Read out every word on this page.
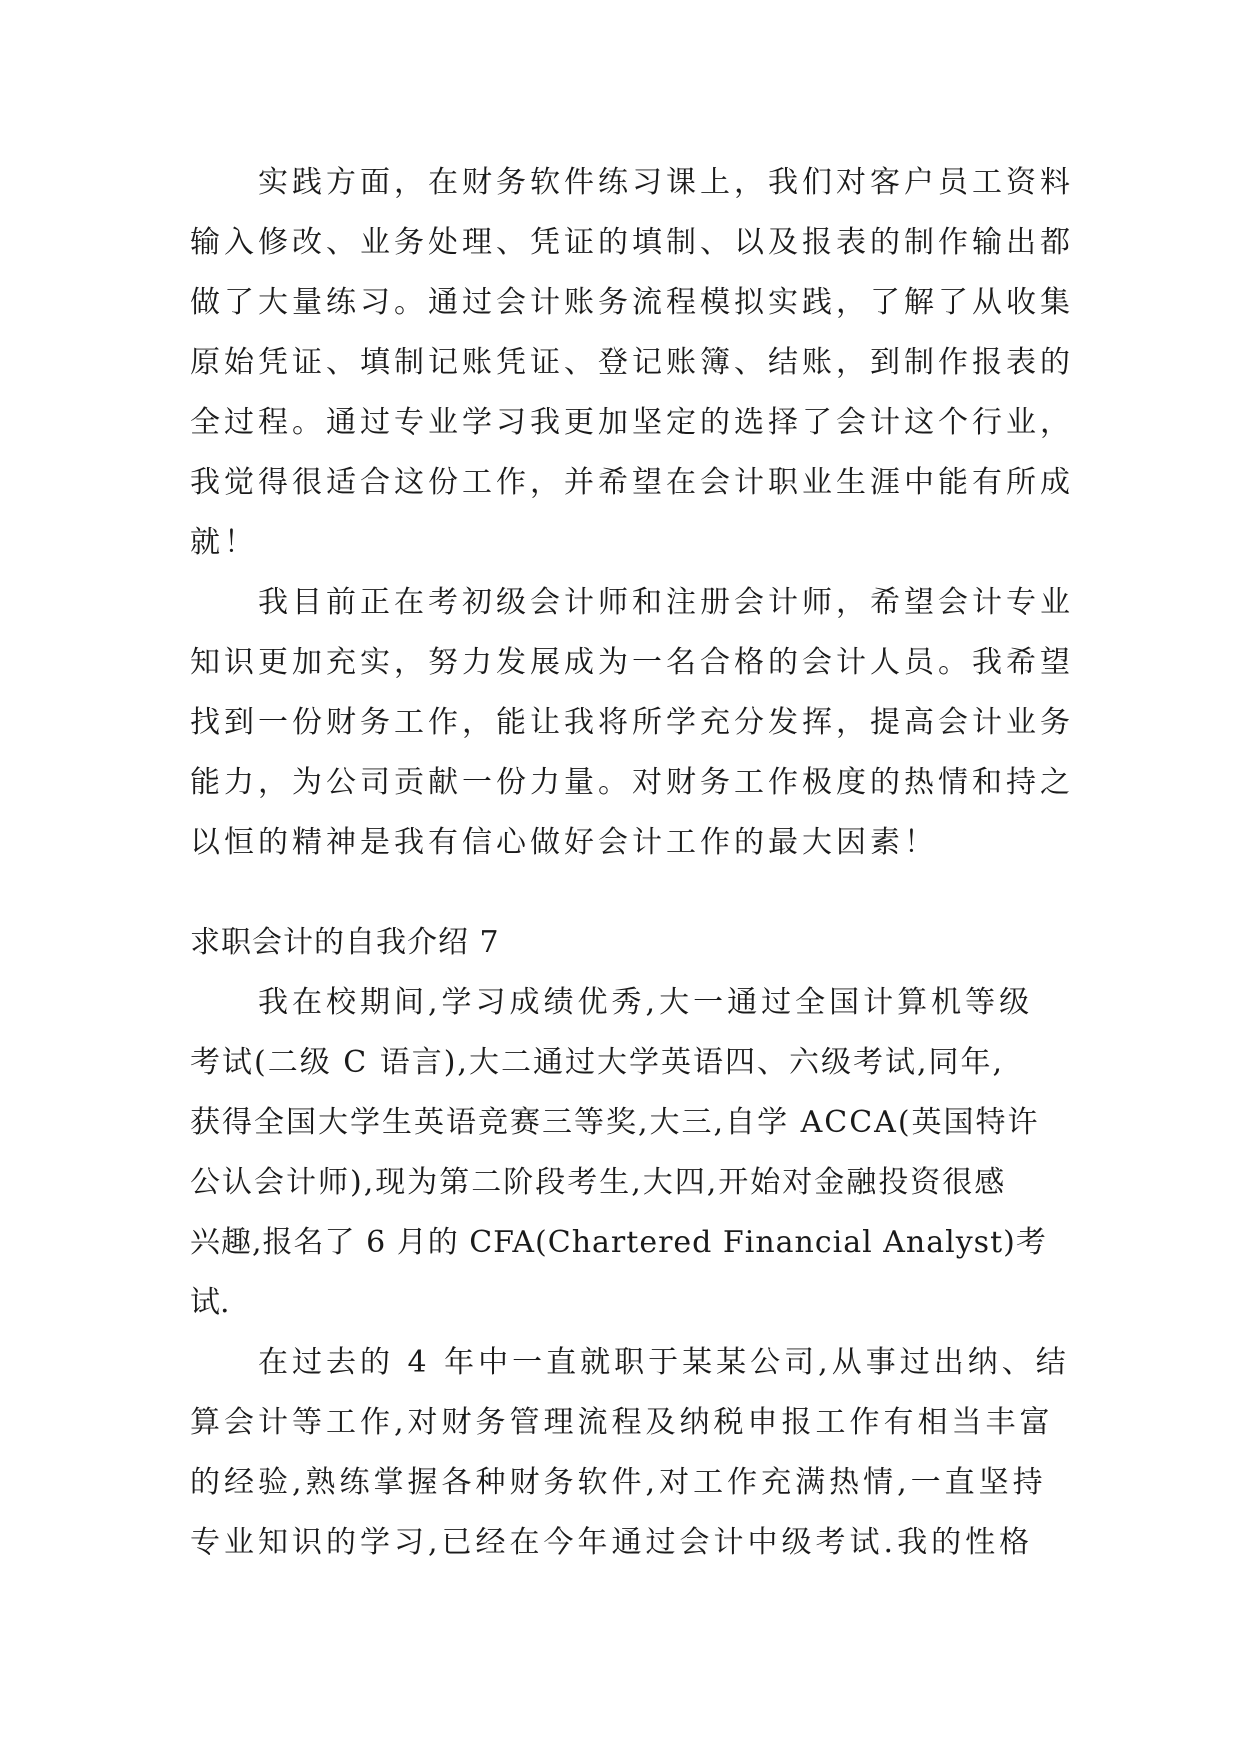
实践方面，在财务软件练习课上，我们对客户员工资料
输入修改、业务处理、凭证的填制、以及报表的制作输出都
做了大量练习。通过会计账务流程模拟实践，了解了从收集
原始凭证、填制记账凭证、登记账簿、结账，到制作报表的
全过程。通过专业学习我更加坚定的选择了会计这个行业，
我觉得很适合这份工作，并希望在会计职业生涯中能有所成
就！
我目前正在考初级会计师和注册会计师，希望会计专业
知识更加充实，努力发展成为一名合格的会计人员。我希望
找到一份财务工作，能让我将所学充分发挥，提高会计业务
能力，为公司贡献一份力量。对财务工作极度的热情和持之
以恒的精神是我有信心做好会计工作的最大因素！
求职会计的自我介绍 7
我在校期间,学习成绩优秀,大一通过全国计算机等级
考试(二级 C 语言),大二通过大学英语四、六级考试,同年,
获得全国大学生英语竞赛三等奖,大三,自学 ACCA(英国特许
公认会计师),现为第二阶段考生,大四,开始对金融投资很感
兴趣,报名了 6 月的 CFA(Chartered Financial Analyst)考
试.
在过去的 4 年中一直就职于某某公司,从事过出纳、结
算会计等工作,对财务管理流程及纳税申报工作有相当丰富
的经验,熟练掌握各种财务软件,对工作充满热情,一直坚持
专业知识的学习,已经在今年通过会计中级考试.我的性格
